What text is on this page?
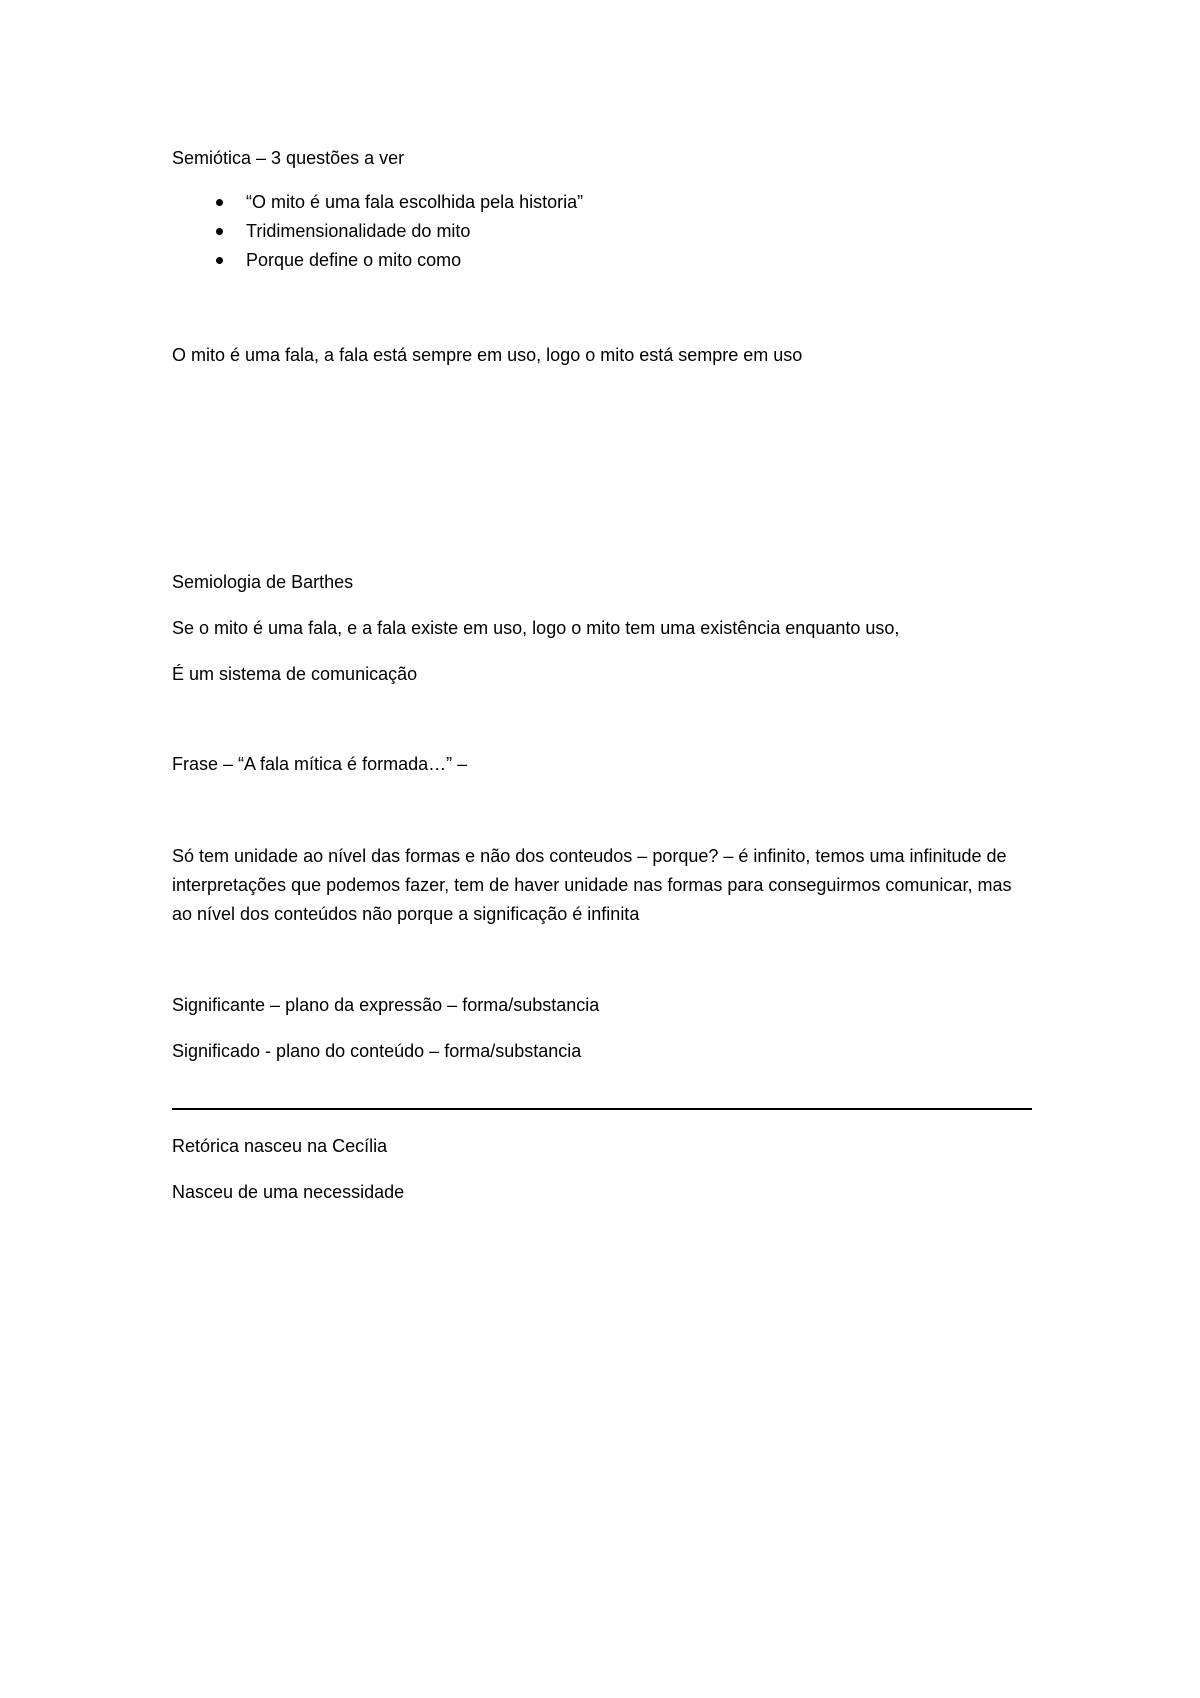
Semiótica – 3 questões a ver

“O mito é uma fala escolhida pela historia”
Tridimensionalidade do mito
Porque define o mito como

O mito é uma fala, a fala está sempre em uso, logo o mito está sempre em uso

Semiologia de Barthes

Se o mito é uma fala, e a fala existe em uso, logo o mito tem uma existência enquanto uso,

É um sistema de comunicação

Frase – “A fala mítica é formada…” –

Só tem unidade ao nível das formas e não dos conteudos – porque? – é infinito, temos uma infinitude de interpretações que podemos fazer, tem de haver unidade nas formas para conseguirmos comunicar, mas ao nível dos conteúdos não porque a significação é infinita

Significante – plano da expressão – forma/substancia

Significado - plano do conteúdo – forma/substancia

Retórica nasceu na Cecília

Nasceu de uma necessidade
